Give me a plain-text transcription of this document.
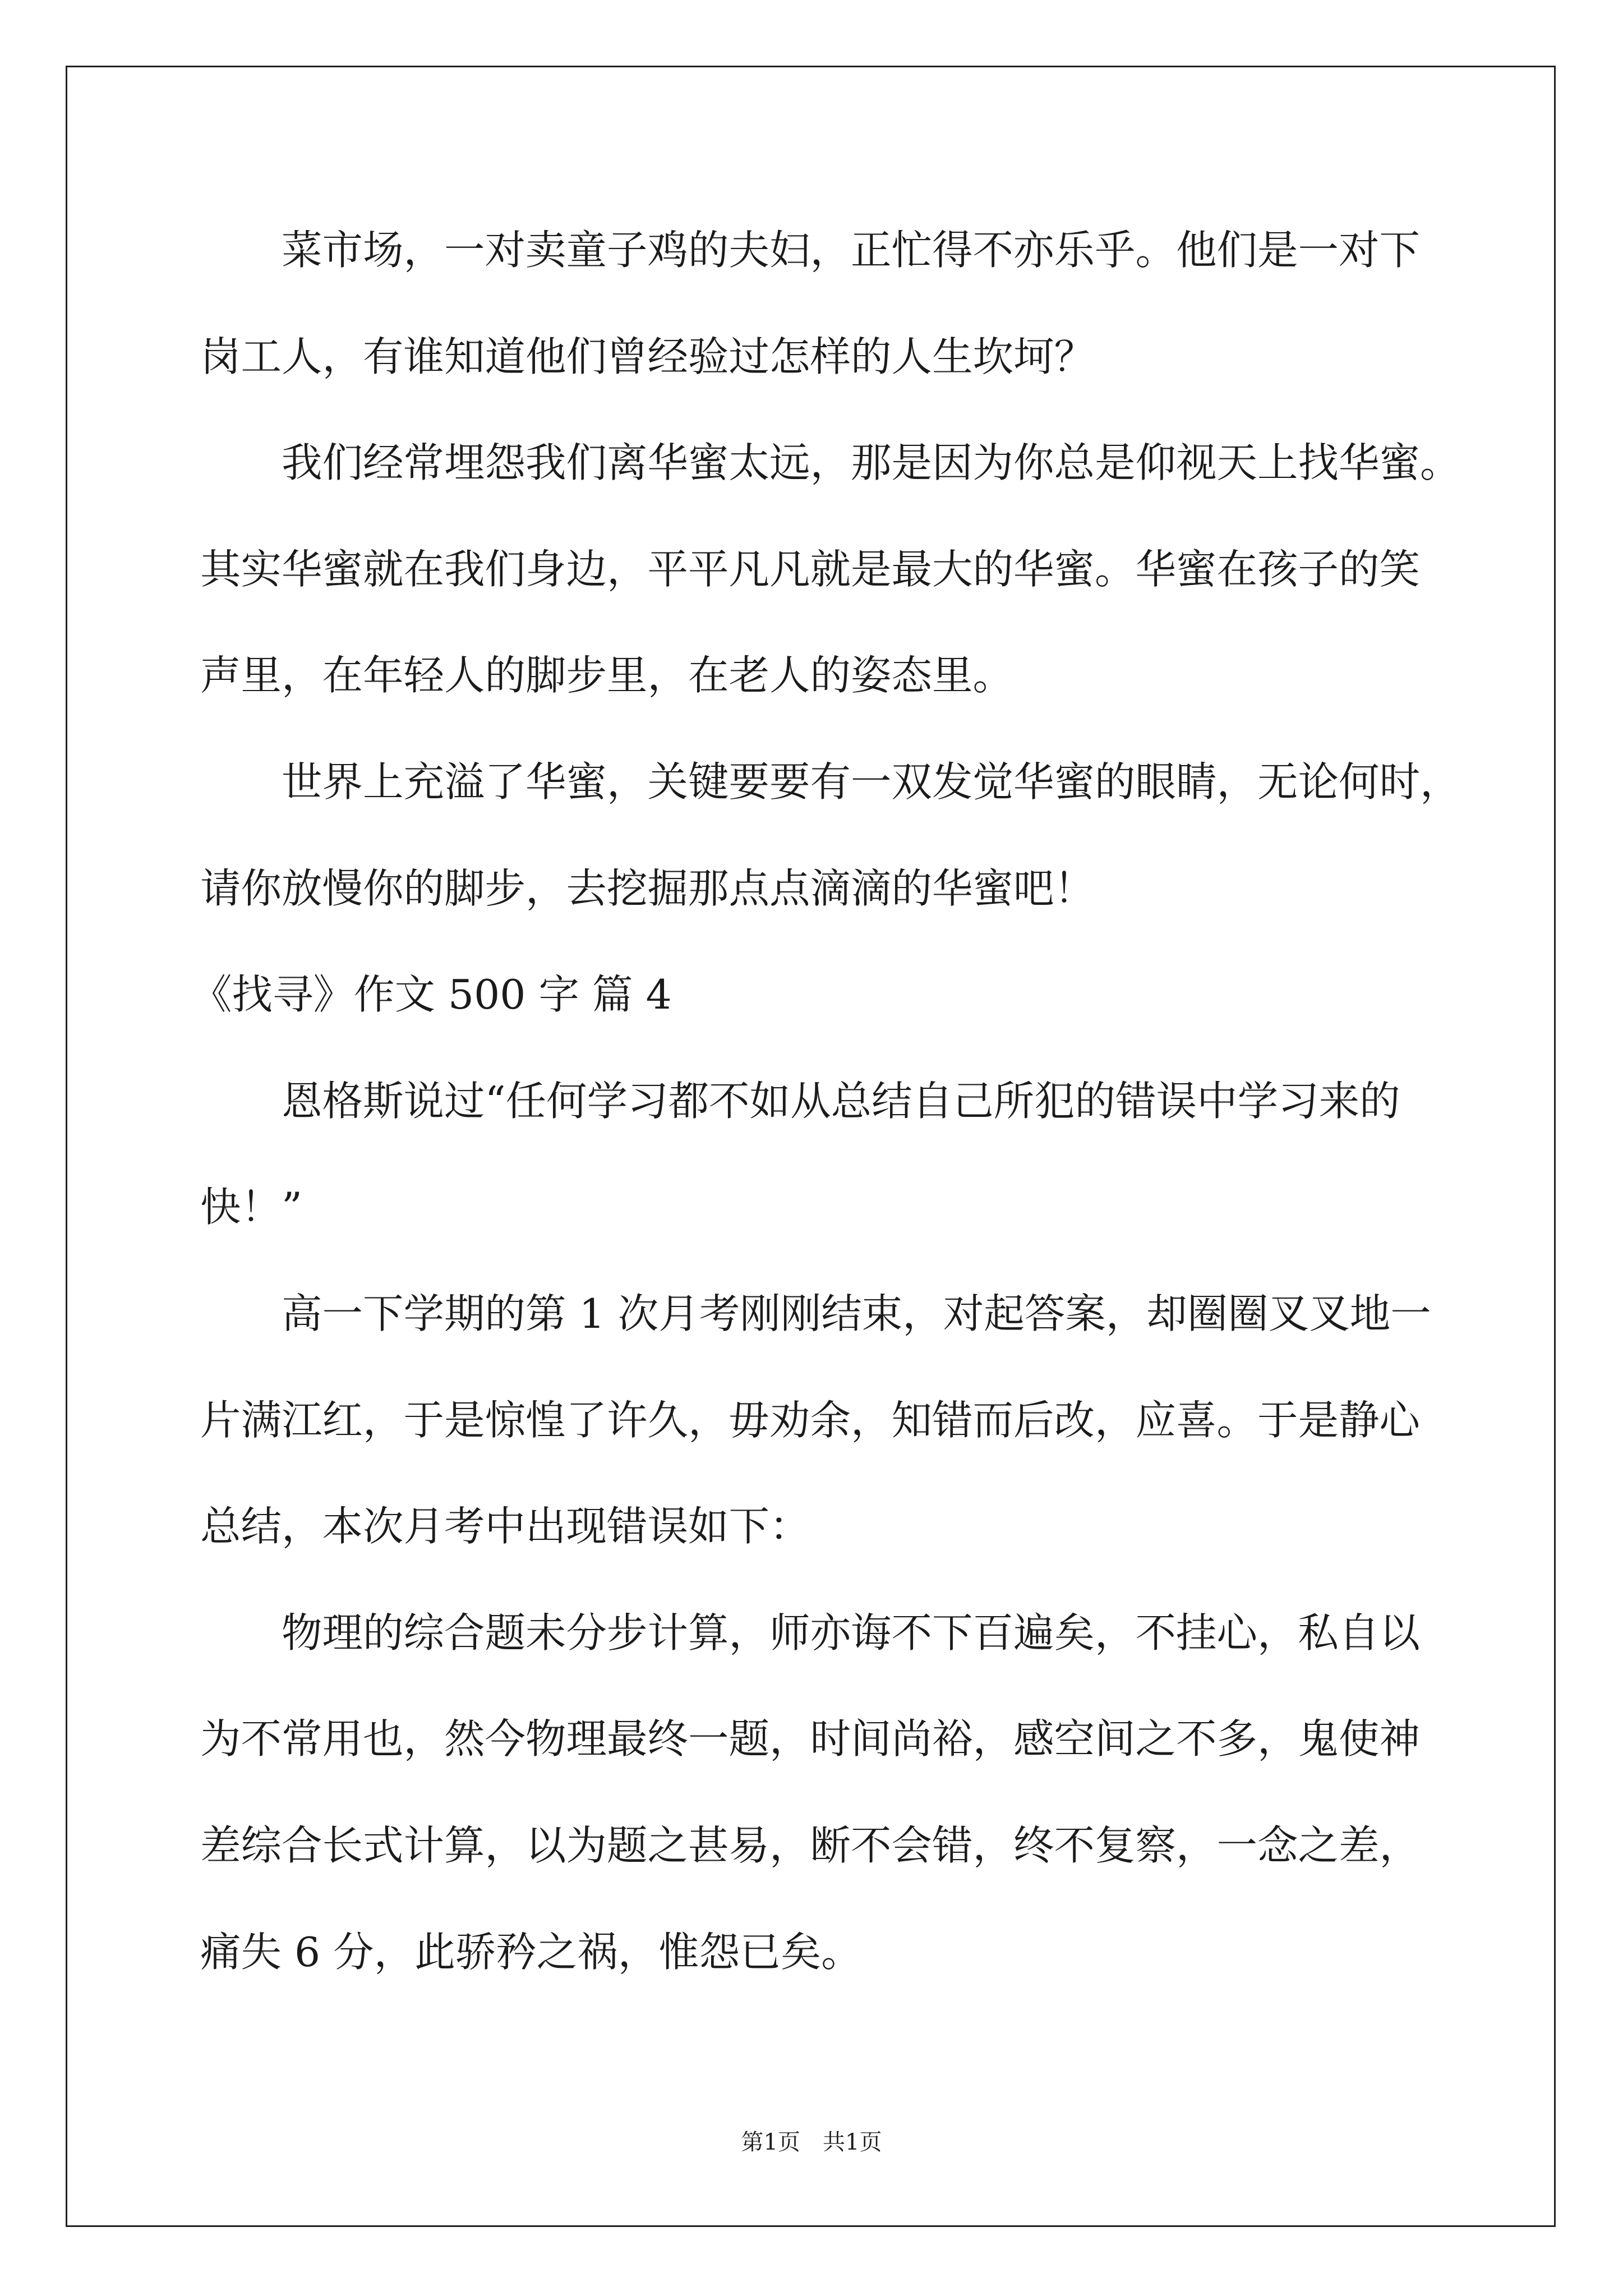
菜市场，一对卖童子鸡的夫妇，正忙得不亦乐乎。他们是一对下
岗工人，有谁知道他们曾经验过怎样的人生坎坷？
我们经常埋怨我们离华蜜太远，那是因为你总是仰视天上找华蜜。
其实华蜜就在我们身边，平平凡凡就是最大的华蜜。华蜜在孩子的笑
声里，在年轻人的脚步里，在老人的姿态里。
世界上充溢了华蜜，关键要要有一双发觉华蜜的眼睛，无论何时，
请你放慢你的脚步，去挖掘那点点滴滴的华蜜吧！
《找寻》作文 500 字 篇 4
恩格斯说过“任何学习都不如从总结自己所犯的错误中学习来的
快！”
高一下学期的第 1 次月考刚刚结束，对起答案，却圈圈叉叉地一
片满江红，于是惊惶了许久，毋劝余，知错而后改，应喜。于是静心
总结，本次月考中出现错误如下：
物理的综合题未分步计算，师亦诲不下百遍矣，不挂心，私自以
为不常用也，然今物理最终一题，时间尚裕，感空间之不多，鬼使神
差综合长式计算，以为题之甚易，断不会错，终不复察，一念之差，
痛失 6 分，此骄矜之祸，惟怨已矣。
第1页　共1页
